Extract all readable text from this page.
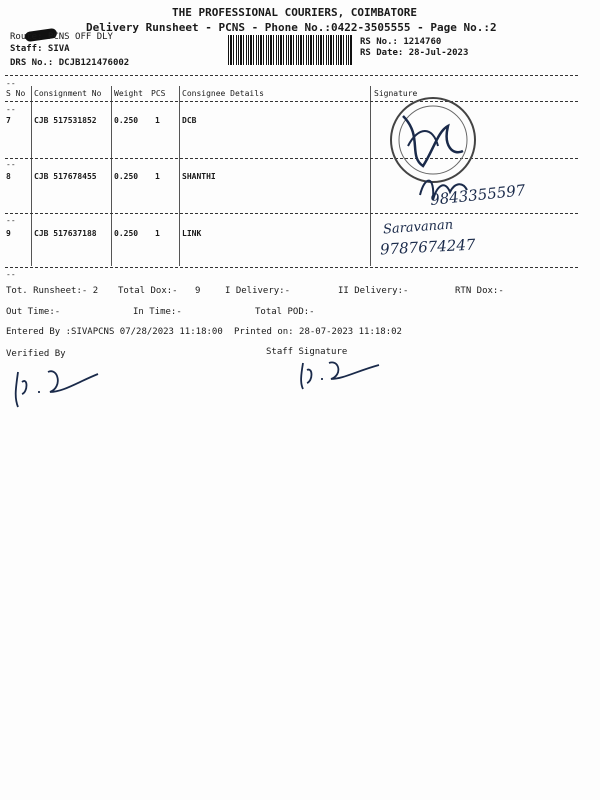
THE PROFESSIONAL COURIERS, COIMBATORE
Delivery Runsheet - PCNS - Phone No.:0422-3505555 - Page No.:2
Route: PCNS OFF DLY
Staff: SIVA
DRS No.: DCJB121476002
RS No.: 1214760
RS Date: 28-Jul-2023
--
S No Consignment No Weight PCS Consignee Details	Signature
--
7	CJB 517531852 0.250 1	DCB
--
8	CJB 517678455 0.250 1	SHANTHI
--
9	CJB 517637188 0.250 1	LINK
--
9843355597
Saravanan
9787674247
Tot. Runsheet:- 2 Total Dox:- 9	I Delivery:-	II Delivery:-	RTN Dox:-
Out Time:-	In Time:-	Total POD:-
Entered By :SIVAPCNS 07/28/2023 11:18:00 Printed on: 28-07-2023 11:18:02
Verified By	Staff Signature
